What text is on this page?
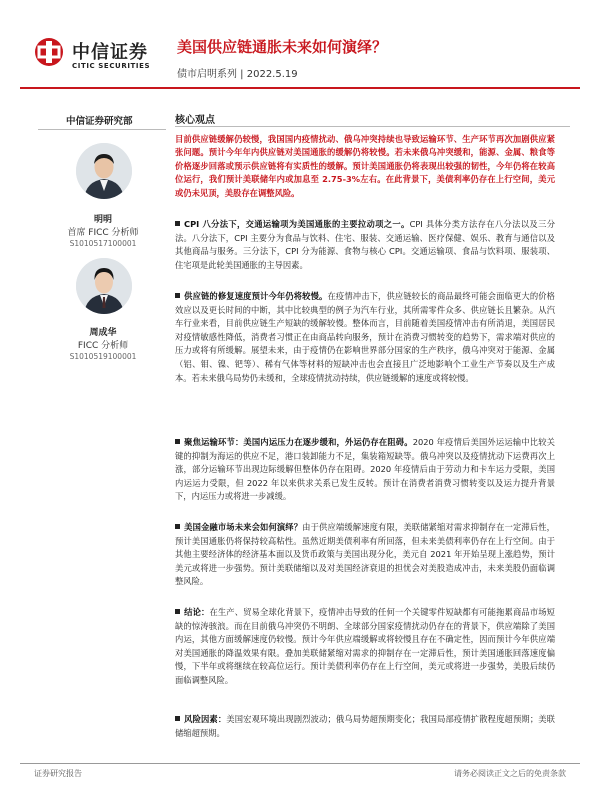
中信证券
CITIC SECURITIES
美国供应链通胀未来如何演绎？
债市启明系列 | 2022.5.19
中信证券研究部
明明
首席 FICC 分析师
S1010517100001
周成华
FICC 分析师
S1010519100001
核心观点
目前供应链缓解仍较慢，我国国内疫情扰动、俄乌冲突持续也导致运输环节、生产环节再次加剧供应紧张问题。预计今年年内供应链对美国通胀的缓解仍将较慢。若未来俄乌冲突缓和，能源、金属、粮食等价格逐步回落或预示供应链将有实质性的缓解。预计美国通胀仍将表现出较强的韧性，今年仍将在较高位运行，我们预计美联储年内或加息至 2.75-3%左右。在此背景下，美债利率仍存在上行空间，美元或仍未见顶，美股存在调整风险。
CPI 八分法下，交通运输项为美国通胀的主要拉动项之一。CPI 具体分类方法存在八分法以及三分法。八分法下，CPI 主要分为食品与饮料、住宅、服装、交通运输、医疗保健、娱乐、教育与通信以及其他商品与服务。三分法下，CPI 分为能源、食物与核心 CPI。交通运输项、食品与饮料项、服装项、住宅项是此轮美国通胀的主导因素。
供应链的修复速度预计今年仍将较慢。在疫情冲击下，供应链较长的商品最终可能会面临更大的价格效应以及更长时间的中断，其中比较典型的例子为汽车行业，其所需零件众多、供应链长且繁杂。从汽车行业来看，目前供应链生产短缺的缓解较慢。整体而言，目前随着美国疫情冲击有所消退，美国居民对疫情敏感性降低，消费者习惯正在由商品转向服务，预计在消费习惯转变的趋势下，需求端对供应的压力或将有所缓解。展望未来，由于疫情仍在影响世界部分国家的生产秩序，俄乌冲突对于能源、金属（铝、钼、镍、钯等）、稀有气体等材料的短缺冲击也会直接且广泛地影响个工业生产节奏以及生产成本。若未来俄乌局势仍未缓和，全球疫情扰动持续，供应链缓解的速度或将较慢。
聚焦运输环节：美国内运压力在逐步缓和，外运仍存在阻碍。2020 年疫情后美国外运运输中比较关键的抑制为海运的供应不足，港口装卸能力不足，集装箱短缺等。俄乌冲突以及疫情扰动下运费再次上涨，部分运输环节出现边际缓解但整体仍存在阻碍。2020 年疫情后由于劳动力和卡车运力受限，美国内运运力受限，但 2022 年以来供求关系已发生反转。预计在消费者消费习惯转变以及运力提升背景下，内运压力或将进一步减缓。
美国金融市场未来会如何演绎？由于供应端缓解速度有限，美联储紧缩对需求抑制存在一定滞后性，预计美国通胀仍将保持较高粘性。虽然近期美债利率有所回落，但未来美债利率仍存在上行空间。由于其他主要经济体的经济基本面以及货币政策与美国出现分化，美元自 2021 年开始呈现上涨趋势，预计美元或将进一步强势。预计美联储缩以及对美国经济衰退的担忧会对美股造成冲击，未来美股仍面临调整风险。
结论：在生产、贸易全球化背景下，疫情冲击导致的任何一个关键零件短缺都有可能拖累商品市场短缺的惊涛骇浪。而在目前俄乌冲突仍不明朗、全球部分国家疫情扰动仍存在的背景下，供应端除了美国内运，其他方面缓解速度仍较慢。预计今年供应端缓解或将较慢且存在不确定性，因而预计今年供应端对美国通胀的降温效果有限。叠加美联储紧缩对需求的抑制存在一定滞后性，预计美国通胀回落速度偏慢，下半年或将继续在较高位运行。预计美债利率仍存在上行空间，美元或将进一步强势，美股后续仍面临调整风险。
风险因素：美国宏观环境出现剧烈波动；俄乌局势超预期变化；我国局部疫情扩散程度超预期；美联储缩超预期。
证券研究报告	请务必阅读正文之后的免责条款
